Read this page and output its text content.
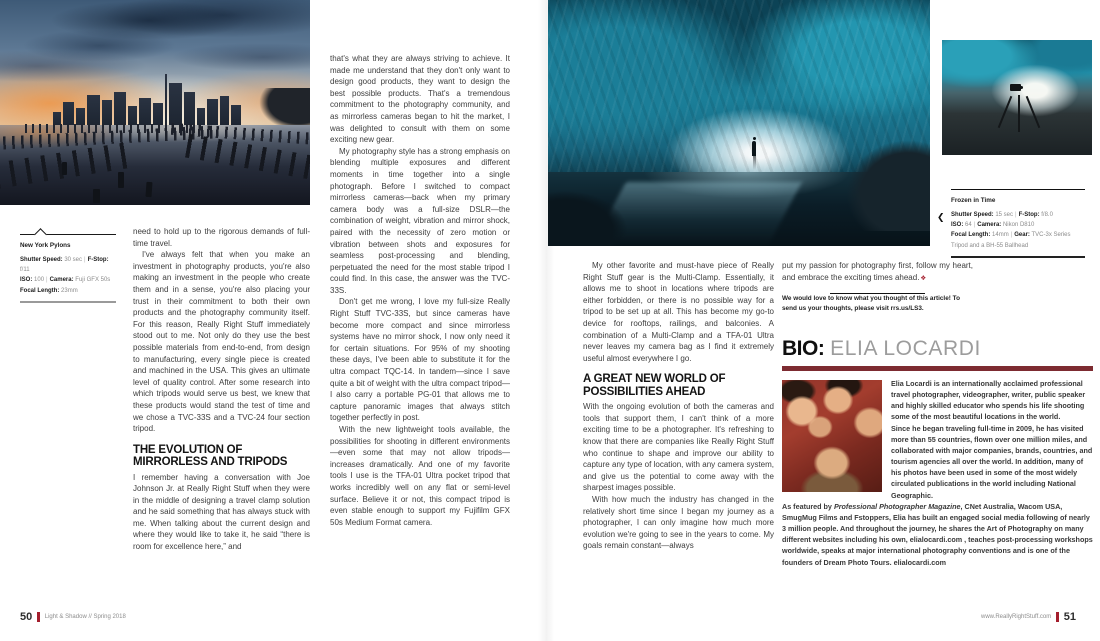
New York Pylons
Shutter Speed: 30 sec | F-Stop: f/11
ISO: 100 | Camera: Fuji GFX 50s
Focal Length: 23mm

need to hold up to the rigorous demands of full-time travel.

I've always felt that when you make an investment in photography products, you're also making an investment in the people who create them and in a sense, you're also placing your trust in their commitment to both their own products and the photography community itself. For this reason, Really Right Stuff immediately stood out to me. Not only do they use the best possible materials from end-to-end, from design to manufacturing, every single piece is created and machined in the USA. This gives an ultimate level of quality control. After some research into which tripods would serve us best, we knew that these products would stand the test of time and we chose a TVC-33S and a TVC-24 four section tripod.

THE EVOLUTION OF MIRRORLESS AND TRIPODS

I remember having a conversation with Joe Johnson Jr. at Really Right Stuff when they were in the middle of designing a travel clamp solution and he said something that has always stuck with me. When talking about the current design and where they would like to take it, he said “there is room for excellence here,” and

that's what they are always striving to achieve. It made me understand that they don't only want to design good products, they want to design the best possible products. That's a tremendous commitment to the photography community, and as mirrorless cameras began to hit the market, I was delighted to consult with them on some exciting new gear.

My photography style has a strong emphasis on blending multiple exposures and different moments in time together into a single photograph. Before I switched to compact mirrorless cameras—back when my primary camera body was a full-size DSLR—the combination of weight, vibration and mirror shock, paired with the necessity of zero motion or vibration between shots and exposures for seamless post-processing and blending, perpetuated the need for the most stable tripod I could find. In this case, the answer was the TVC-33S.

Don't get me wrong, I love my full-size Really Right Stuff TVC-33S, but since cameras have become more compact and since mirrorless systems have no mirror shock, I now only need it for certain situations. For 95% of my shooting these days, I've been able to substitute it for the ultra compact TQC-14. In tandem—since I save quite a bit of weight with the ultra compact tripod—I also carry a portable PG-01 that allows me to capture panoramic images that always stitch together perfectly in post.

With the new lightweight tools available, the possibilities for shooting in different environments—even some that may not allow tripods—increases dramatically. And one of my favorite tools I use is the TFA-01 Ultra pocket tripod that works incredibly well on any flat or semi-level surface. Believe it or not, this compact tripod is even stable enough to support my Fujifilm GFX 50s Medium Format camera.

50 Light & Shadow // Spring 2018
❮
Frozen in Time
Shutter Speed: 15 sec | F-Stop: f/8.0
ISO: 64 | Camera: Nikon D810
Focal Length: 14mm | Gear: TVC-3x Series Tripod and a BH-55 Ballhead

My other favorite and must-have piece of Really Right Stuff gear is the Multi-Clamp. Essentially, it allows me to shoot in locations where tripods are either forbidden, or there is no possible way for a tripod to be set up at all. This has become my go-to device for rooftops, railings, and balconies. A combination of a Multi-Clamp and a TFA-01 Ultra never leaves my camera bag as I find it extremely useful almost everywhere I go.

A GREAT NEW WORLD OF POSSIBILITIES AHEAD

With the ongoing evolution of both the cameras and tools that support them, I can't think of a more exciting time to be a photographer. It's refreshing to know that there are companies like Really Right Stuff who continue to shape and improve our ability to capture any type of location, with any camera system, and give us the potential to come away with the sharpest images possible.

With how much the industry has changed in the relatively short time since I began my journey as a photographer, I can only imagine how much more evolution we're going to see in the years to come. My goals remain constant—always

put my passion for photography first, follow my heart, and embrace the exciting times ahead.❖

We would love to know what you thought of this article! To send us your thoughts, please visit rrs.us/LS3.

BIO: ELIA LOCARDI

Elia Locardi is an internationally acclaimed professional travel photographer, videographer, writer, public speaker and highly skilled educator who spends his life shooting some of the most beautiful locations in the world.

Since he began traveling full-time in 2009, he has visited more than 55 countries, flown over one million miles, and collaborated with major companies, brands, countries, and tourism agencies all over the world. In addition, many of his photos have been used in some of the most widely circulated publications in the world including National Geographic.

As featured by Professional Photographer Magazine, CNet Australia, Wacom USA, SmugMug Films and Fstoppers, Elia has built an engaged social media following of nearly 3 million people. And throughout the journey, he shares the Art of Photography on many different websites including his own, elialocardi.com , teaches post-processing workshops worldwide, speaks at major international photography conventions and is one of the founders of Dream Photo Tours. elialocardi.com

www.ReallyRightStuff.com 51
